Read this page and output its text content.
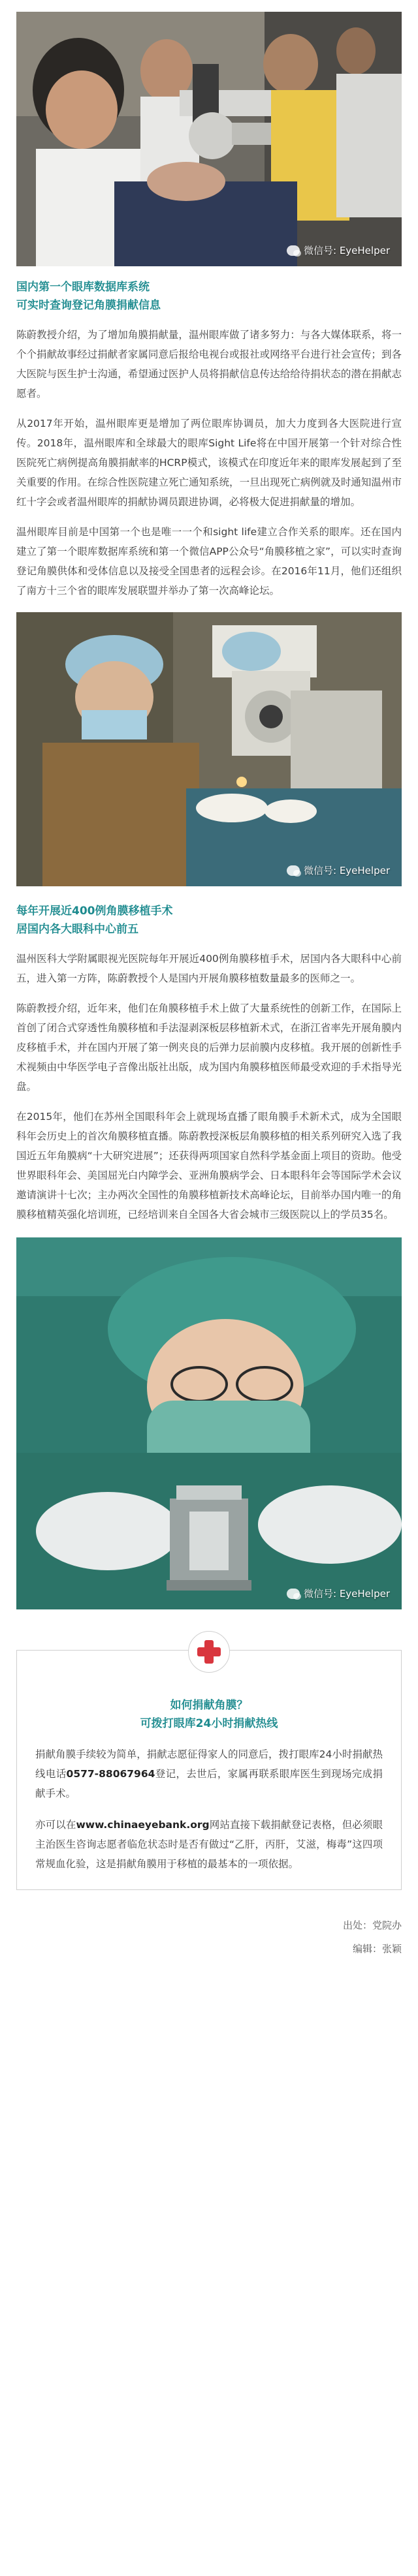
微信号: EyeHelper
国内第一个眼库数据库系统
可实时查询登记角膜捐献信息

陈蔚教授介绍，为了增加角膜捐献量，温州眼库做了诸多努力：与各大媒体联系，将一个个捐献故事经过捐献者家属同意后报给电视台或报社或网络平台进行社会宣传；到各大医院与医生护士沟通，希望通过医护人员将捐献信息传达给给待捐状态的潜在捐献志愿者。

从2017年开始，温州眼库更是增加了两位眼库协调员，加大力度到各大医院进行宣传。2018年，温州眼库和全球最大的眼库Sight Life将在中国开展第一个针对综合性医院死亡病例提高角膜捐献率的HCRP模式，该模式在印度近年来的眼库发展起到了至关重要的作用。在综合性医院建立死亡通知系统，一旦出现死亡病例就及时通知温州市红十字会或者温州眼库的捐献协调员跟进协调，必将极大促进捐献量的增加。

温州眼库目前是中国第一个也是唯一一个和sight life建立合作关系的眼库。还在国内建立了第一个眼库数据库系统和第一个微信APP公众号“角膜移植之家”，可以实时查询登记角膜供体和受体信息以及接受全国患者的远程会诊。在2016年11月，他们还组织了南方十三个省的眼库发展联盟并举办了第一次高峰论坛。

微信号: EyeHelper
每年开展近400例角膜移植手术
居国内各大眼科中心前五

温州医科大学附属眼视光医院每年开展近400例角膜移植手术，居国内各大眼科中心前五，进入第一方阵，陈蔚教授个人是国内开展角膜移植数量最多的医师之一。

陈蔚教授介绍，近年来，他们在角膜移植手术上做了大量系统性的创新工作，在国际上首创了闭合式穿透性角膜移植和手法湿剥深板层移植新术式，在浙江省率先开展角膜内皮移植手术，并在国内开展了第一例夹良的后弹力层前膜内皮移植。我开展的创新性手术视频由中华医学电子音像出版社出版，成为国内角膜移植医师最受欢迎的手术指导光盘。

在2015年，他们在苏州全国眼科年会上就现场直播了眼角膜手术新术式，成为全国眼科年会历史上的首次角膜移植直播。陈蔚教授深板层角膜移植的相关系列研究入选了我国近五年角膜病“十大研究进展”；还获得两项国家自然科学基金面上项目的资助。他受世界眼科年会、美国屈光白内障学会、亚洲角膜病学会、日本眼科年会等国际学术会议邀请演讲十七次；主办两次全国性的角膜移植新技术高峰论坛，目前举办国内唯一的角膜移植精英强化培训班，已经培训来自全国各大省会城市三级医院以上的学员35名。

微信号: EyeHelper
如何捐献角膜？
可拨打眼库24小时捐献热线
捐献角膜手续较为简单，捐献志愿征得家人的同意后，拨打眼库24小时捐献热线电话0577-88067964登记，去世后，家属再联系眼库医生到现场完成捐献手术。
亦可以在www.chinaeyebank.org网站直接下载捐献登记表格，但必须眼主治医生咨询志愿者临危状态时是否有做过“乙肝，丙肝，艾滋，梅毒”这四项常规血化验，这是捐献角膜用于移植的最基本的一项依据。
出处：党院办
编辑：张颖
